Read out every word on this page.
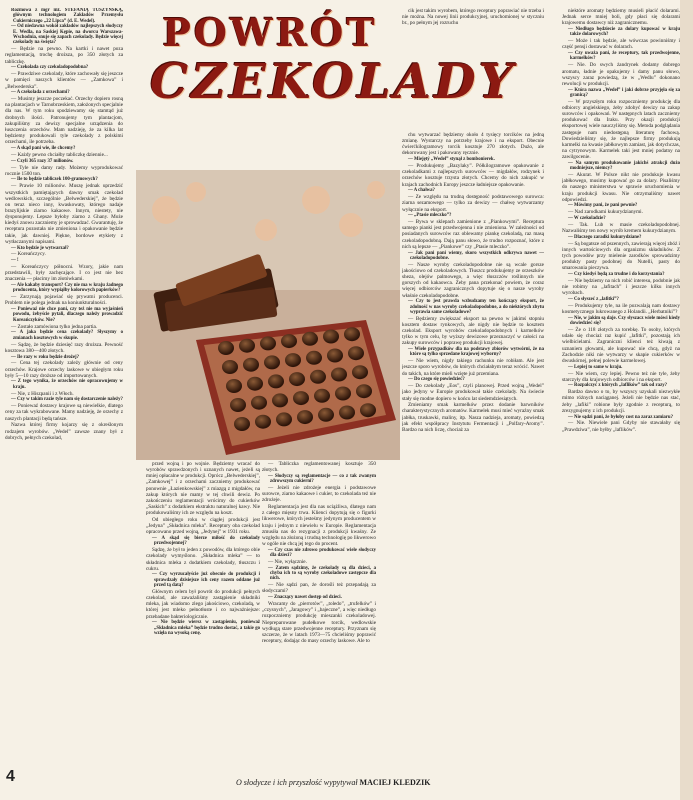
Rozmowa z mgr inż. STEFANIĄ TUSZYŃSKĄ, głównym technologiem Zakładów Przemysłu Cukierniczego „22 Lipca” (d. E. Wedel).

— Od niedawna wokół zakładów najlepszych słodyczy E. Wedla, na Saskiej Kępie, na dworcu Warszawa-Wschodnia, snuje się zapach czekolady. Będzie więcej czekolady na święta?

— Będzie na pewno. Na kartki i nawet poza reglamentacją, trochę droższa, po 350 złotych za tabliczkę.

— Czekolada czy czekoladopodobna?

— Prawdziwe czekolady, które zachowały się jeszcze w pamięci naszych klientów — „Zamkowa” i „Belwederska”.

— A czekolada z orzechami?

— Musimy jeszcze poczekać. Orzechy dopiero rosną na plantacjach w Tarnobrzeskiem, założonych specjalnie dla nas. W tym roku spodziewamy się stamtąd już drobnych ilości. Patronujemy tym plantacjom, zakupiliśmy za dewizy specjalne urządzenia do łuszczenia orzechów. Mam nadzieję, że za kilka lat będziemy produkowali tyle czekolady z polskimi orzechami, ile potrzeba.

— A skąd pani wie, ile chcemy?

— Każdy pewno chciałby tabliczkę dziennie...

— Czyli 365 razy 37 milionów.

— Tyle nie damy rady. Możemy wyprodukować rocznie 1500 ton.

— Ile to będzie tabliczek 100-gramowych?

— Prawie 10 milionów. Muszę jednak uprzedzić wszystkich pamiętających dawny smak czekolad wedlowskich, szczególnie „Belwederskiej”, że będzie on teraz nieco inny, kwaskowaty, którego nadaje brazylijskie ziarno kakaowe. Innym, niestety, nie dysponujemy. Lepsze byłoby ziarno z Ghany. Może kiedyś znowu zaczniemy je sprowadzać. Gwarantuję, że receptura pozostała nie zmieniona i opakowanie będzie takie, jak dawniej. Piękne, bordowe etykiety z wytłaczanymi napisami.

— Kto będzie je wytwarzał?

— Koreańczycy.

— !

— Koreańczycy północni. Wzory, jakie nam przedstawili, były zachęcające. I co jest nie bez znaczenia — płacimy im złotówkami.

— Ale kakaby transport? Czy nie ma w kraju żadnego producenta, który wypiąłby kolorowych papierków?

— Zarzynają pojawiać się prywatni producenci. Problem nie polega jednak na koniunkturalności.

— Poniewaź nie chce pani, czy też nie ma wyjaśnień powodu, żebyście pytali, dlaczego należy prowadzić Koreańczyków. Nie?

— Zostało zamówiona tylko jedna partia.

— A jaka będzie cena czekolady? Słyszymy o zmianach kosztowych w skupie.

— Sądzę, że będzie dziesięć razy droższa. Pewność kosztowa 380—400 złotych.

— Ile razy w roku będzie drożej?

— Cena tej czekolady zależy głównie od ceny orzechów. Krajowe orzechy laskowe w ubiegłym roku były 5—10 razy droższe od importowanych.

— Z tego wynika, że orzechów nie opracowujemy w kraju.

— Nie, z Hiszpanii i z Włoch.

— Czy w takim razie tyle nam się dostarczenie należy?

— Poniewaź dostawy krajowe są niewielkie, dlatego ceny za tak wykrabowane. Mamy nadzieję, że orzechy z naszych plantacji będą tańsze.

Nazwa której firmy kojarzy się z określonym rodzajem wyrobów. „Wedel” zawsze znany był z dobrych, pełnych czekolad,

POWRÓT
CZEKOLADY

cik jest takim wyrobem, którego receptury poprawiać nie trzeba i nie można. Na nowej linii produkcyjnej, uruchomionej w styczniu br., po pełnym jej rozruchu

chu wytwarzać będziemy około 4 tysięcy torcików na jedną zmianę. Wystarczy na potrzeby krajowe i na eksport. Obecnie ćwierćkilogramowy torcik kosztuje 270 złotych. Dużo, ale dekorowany jest i pakowany ręcznie.

— Miejętý „Wedel” stynął z bombonierek.

— Produkujemy „Bazylaky”. Półkilogramowe opakowanie z czekoladkami z najlepszych surowców — migdałów, rodzynek i orzechów kosztuje trzysta złotych. Chcemy do nich zakupić w krajach zachodnich Europy jeszcze ładniejsze opakowanie.

— A chałwa?

— Ze względu na trudną dostępność podstawowego surowca: ziarna sezamowego — tylko za dewizy — chałwę wytwarzamy wyłącznie na eksport.

— „Ptasie mleczko”?

— Bywa w sklepach zamienione z „Piankowymi”. Receptura samego pianki jest przedwojenna i nie zmieniona. W zależności od posiadanych surowców raz oblewamy piankę czekoladą, raz masą czekoladopodobną. Dają panu słowo, że trudno rozpoznać, które z nich są lepsze — „Piankowe” czy „Ptasie mleczko”.

— Jak pani pani wiemy, skoro wszystkich odkrywa nawet — czekoladopodobne.

— Nasze wyroby czekoladopodobne nie są wcale gorsze jakościowo od czekoladowych. Tłuszcz produkujemy ze orzeszków sheza, olejów palmowego, a więc tłuszczów roślinnych nie gorszych od kakaowca. Żeby pana przekonać powiem, że coraz więcej odbiorców zagranicznych dopytuje się o nasze wyroby właśnie czekoladopodobne.

— Czy to jest prawda wzbudzamy ten kończący eksport, że zdolność w nas wyroby czekoladopodobne, a do niektórych zbytu wyprawia same czekoladowe?

— Będziemy zwiększać eksport na pewno w jakimś stopniu kosztem dostaw rynkowych, ale nigdy nie będzie to kosztem czekolad. Eksport wyrobów czekoladopodobnych i karmelków tylko w tym celu, by wyższy dewizowe przeznaczyć w całości na zakupy surowców i poprawę produkcji krajowej.

— Wiele przypadków dla na podstawy zbiorów wytwórni, że na które są tylko sprzedane krajowej wyborny?

— Nie wiem, nigdy takiego rachunku nie robiłam. Ale jest jeszcze sporo wyrobów, do których chciałabym teraz wrócić. Nawet do takich, na które mieli wzięte już przemiana.

— Do czego się powiedzieć?

— Do czekolady „Eos”, czyli planowej. Przed wojną „Wedel” jako jedyny w Europie produkował takie czekolady. Na świecie stały się modne dopiero w końcu lat siedemdziesiątych.

Zmieniamy smak karmelków przez dodanie barwników charakterystycznych aromatów. Karmelek musi mieć wyraźny smak jabłka, truskawki, maliny, itp. Nasza nadzieja, aromaty, powiedzą jak efekt współpracy Instytutu Fermentacji i „Polfary-Aromy”. Bardzo na nich liczę, chociaż za

przed wojną i po wojnie. Będziemy wracać do wyrobów sprawdzonych i uznanych nawet, jeżeli są mniej opłacalne w produkcji. Oprócz „Belwederskiej”, „Zamkowej” i z orzechami zaczniemy produkować ponownie „Łazienkowskiej” z miazgą z migdałów, na zakup których nie mamy w tej chwili dewiz. Po zakończeniu reglamentacji wrócimy do cukierków „Saskich” z dodatkiem ekstraktu naturalnej kawy. Nie produkowaliśmy ich ze względu na koszt.

Od ubiegłego roku w ciągłej produkcji jest „Jedyna” „Składnica mleka”. Receptury oba czekolad opracowano przed wojną, „Jedynej” w 1931 roku.

— A skąd się bierze miłość do czekolady przedwojennej?

Sądzę, że był to jeden z powodów, dla którego obie czekolady wymyślono. „Składnica mleka” — to składnica mleka z dodatkiem czekolady, tłuszczu i cukru.

— Czy wyrzucałyście już obecnie do produkcji i sprawdzały dzisiejsze ich ceny razem oddane już przed tą datą?

Głównym celem był powrót do produkcji pełnych czekolad, ale zaważaliśmy zastąpienie składniki mleka, jak wiadomo zlego jakościowo, czekoladą, w której jest mleko pełnotłuste i co najważniejsze: przebadane bakteriologicznie.

— Nie będzie wiersz w zastąpieniu, ponieważ „Składnica mleka” będzie trudno dostać, a takie go wzięła na wysoką cenę.

— Tabliczka reglamentowanej kosztuje 350 złotych.

— Słodyczy są reglamentacje — co z tak zwanym zdrowszym cukierni?

— Jeżeli nie zdrożeje energia i podstawowe surowce, ziarno kakaowe i cukier, to czekolada też nie zdrożeje.

Reglamentacja jest dla nas uciążliwa, dlatego nam z całego mięsny trwa. Klienci dopytują się o figurki likwerowe, których jesteśmy jedynym producentem w kraju i jednym z niewielu w Europie. Reglamentacja zmusiła nas do rezygnacji z produkcji kwaśny. Ze względu na złożoną i trudną technologię po likwerowo w ogóle nie chcą jej tego do procent.

— Czy czas nie zdrowo produkować wiele słodyczy dla dzieci?

— Nie, wyłącznie.

— Zatem sądzimy, że czekolady są dla dzieci, a chyba ich to są wyroby czekoladowe zastępcze dla nich.

— Nie sądzi pan, że dorośli też przepadają za słodyczami?

— Znaczący nawet dostęp od dzieci.

Wracamy do „pierrotów”, „toledo”, „trufelków” i „czysnych”, „Jaragowy” i „bajeczne”, a więc niedługo rozpoczniemy produkcję mieszanki czekoladowej. Niepreparowane pudełkowe torcik, wedlowskie wydługą stare przedwojenne receptury. Przyznam się szczerze, że w latach 1973—75 chcieliśmy poprawić receptury, dodając do masy orzechy laskowe. Ale to

niektóre aromaty będziemy musieli płacić dolarami. Jednak serce mniej boli, gdy płaci się dolarami krajowemu dostawcy niż zagranicznemu.

— Niedługo będziecie za dolary kupować w kraju także dolarowych?

— Może i tak będzie, ale wówczas powinniśmy i część pensji dostawać w dolarach.

— Czy uważa pani, że receptury, tak przedwojenne, karmelków?

— Nie. Do swych żandrynek dodamy dobrego aromatu, ładnie je opakujemy i damy panu słowo, wszyscy zaraz powiedzą, że w „Wedlu” dokonano rewolucji w produkcji.

— Która nazwa „Wedel” i jaki dobrze przyjęła się za granicą?

— W przyszłym roku rozpoczniemy produkcję dla odbiorcy angielskiego, żeby zdobyć dewizy na zakup surowców i opakowań. W następnych latach zaczniemy produkować dla Iraku. Przy okazji produkcji eksportowej wiele nauczyliśmy się. Metoda podglądania zastępuje nam niedostępną literaturę fachową. Dowiedzieliśmy się, że najlepsze firmy produkują karmelki na kwasie jabłkowym zamiast, jak dotychczas, na cytrynowym. Karmelek taki jest mniej podatny na zawilgocenie.

— Na samym produkowanie jakichś atrakcji dużo modniejsze, niemcy?

— Akurat. W Polsce nikt nie produkuje kwasu jabłkowego, musimy kupować go za dolary. Pisaliśmy do naszego ministerstwa w sprawie uruchomienia w kraju produkcji kwasu. Nie otrzymaliśmy nawet odpowiedzi.

— Mówimy pani, że pani pewnie?

— Nad zarodkami kukurydzianymi.

— W czekoladzie?

— Tak. Lub w masie czekoladopodobnej. Nazwaliśmy ten nowy wyrób kremem kukurydzianym.

— Dlaczego zaradki kukurydziane?

— Są bogatsze od pszennych, zawierają więcej zbóż i innych wartościowych dla organizmu składników. Z tych powodów przy mielenie zarodków sprowadzimy produkty pasty podobnej do Nutelli, pasty do smarowania pieczywa.

— Czy kiedyś będą za trudne i do korzystania?

— Nie będziemy na nich robić interesu, podobnie jak nie robimy na „lafitach” i jeszcze kilku innych wyrobach.

— Co słyszeć z „lafitki”?

— Produkujemy tyle, na ile pozwalają nam dostawy kosmetycznego lukrowanego z Holandii. „Herbatniki”?

— Nie, w jakim są daje. Czy słyszacz wiele mówi kiedy dowiedzieć się?

— Że o 118 złotych za torebkę. To osoby, których udało się chociaż raz kupić „lafitki”, pozostają ich wielbicielami. Zagraniczni klienci też kiwają z uznaniem głowami, ale kupować nie chcą, gdyż na Zachodzie niki nie wytwarzy w skapie cukierków w dwuskórnej, pełnej polewie karmelowej.

— Lepiej to same w kraju.

— Nie wiem, czy lepiej. Pewno też nie tyle, żeby starczyły dla krajowych odbiorców i na eksport.

— Rozpalczyć z których „laflików” tak od razy?

Bardzo dawno o to, by wszyscy uzyskali niezwykłe mimo różnych naciąganej. Jeżeli nie będzie nas stać, żeby „lafiki” robione były zgodnie z recepturą, to zrezygnujemy z ich produkcji.

— Nie sądzi pani, że byłoby cost na zaraz zamiaru?

— Nie. Niewiele pani Gdyby nie stawałaby się „Prawdziwa”, nie byłby „laflików”.

4	O słodyczе i ich przyszłość wypytywał MACIEJ KLEDZIK
